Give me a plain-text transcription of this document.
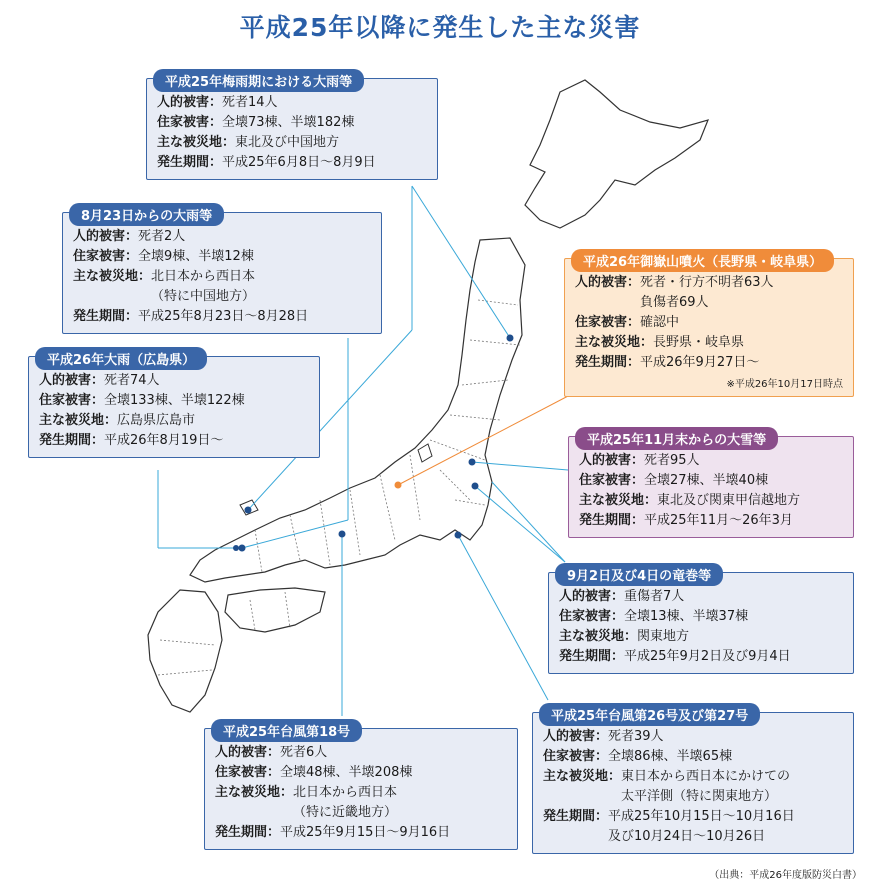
平成25年以降に発生した主な災害
平成25年梅雨期における大雨等
人的被害： 死者14人
住家被害： 全壊73棟、半壊182棟
主な被災地： 東北及び中国地方
発生期間： 平成25年6月8日～8月9日
8月23日からの大雨等
人的被害： 死者2人
住家被害： 全壊9棟、半壊12棟
主な被災地： 北日本から西日本
（特に中国地方）
発生期間： 平成25年8月23日～8月28日
平成26年大雨（広島県）
人的被害： 死者74人
住家被害： 全壊133棟、半壊122棟
主な被災地： 広島県広島市
発生期間： 平成26年8月19日～
平成26年御嶽山噴火（長野県・岐阜県）
人的被害： 死者・行方不明者63人
負傷者69人
住家被害： 確認中
主な被災地： 長野県・岐阜県
発生期間： 平成26年9月27日～
※平成26年10月17日時点
平成25年11月末からの大雪等
人的被害： 死者95人
住家被害： 全壊27棟、半壊40棟
主な被災地： 東北及び関東甲信越地方
発生期間： 平成25年11月～26年3月
9月2日及び4日の竜巻等
人的被害： 重傷者7人
住家被害： 全壊13棟、半壊37棟
主な被災地： 関東地方
発生期間： 平成25年9月2日及び9月4日
平成25年台風第18号
人的被害： 死者6人
住家被害： 全壊48棟、半壊208棟
主な被災地： 北日本から西日本
（特に近畿地方）
発生期間： 平成25年9月15日～9月16日
平成25年台風第26号及び第27号
人的被害： 死者39人
住家被害： 全壊86棟、半壊65棟
主な被災地： 東日本から西日本にかけての
太平洋側（特に関東地方）
発生期間： 平成25年10月15日～10月16日
及び10月24日～10月26日
（出典：平成26年度版防災白書）
